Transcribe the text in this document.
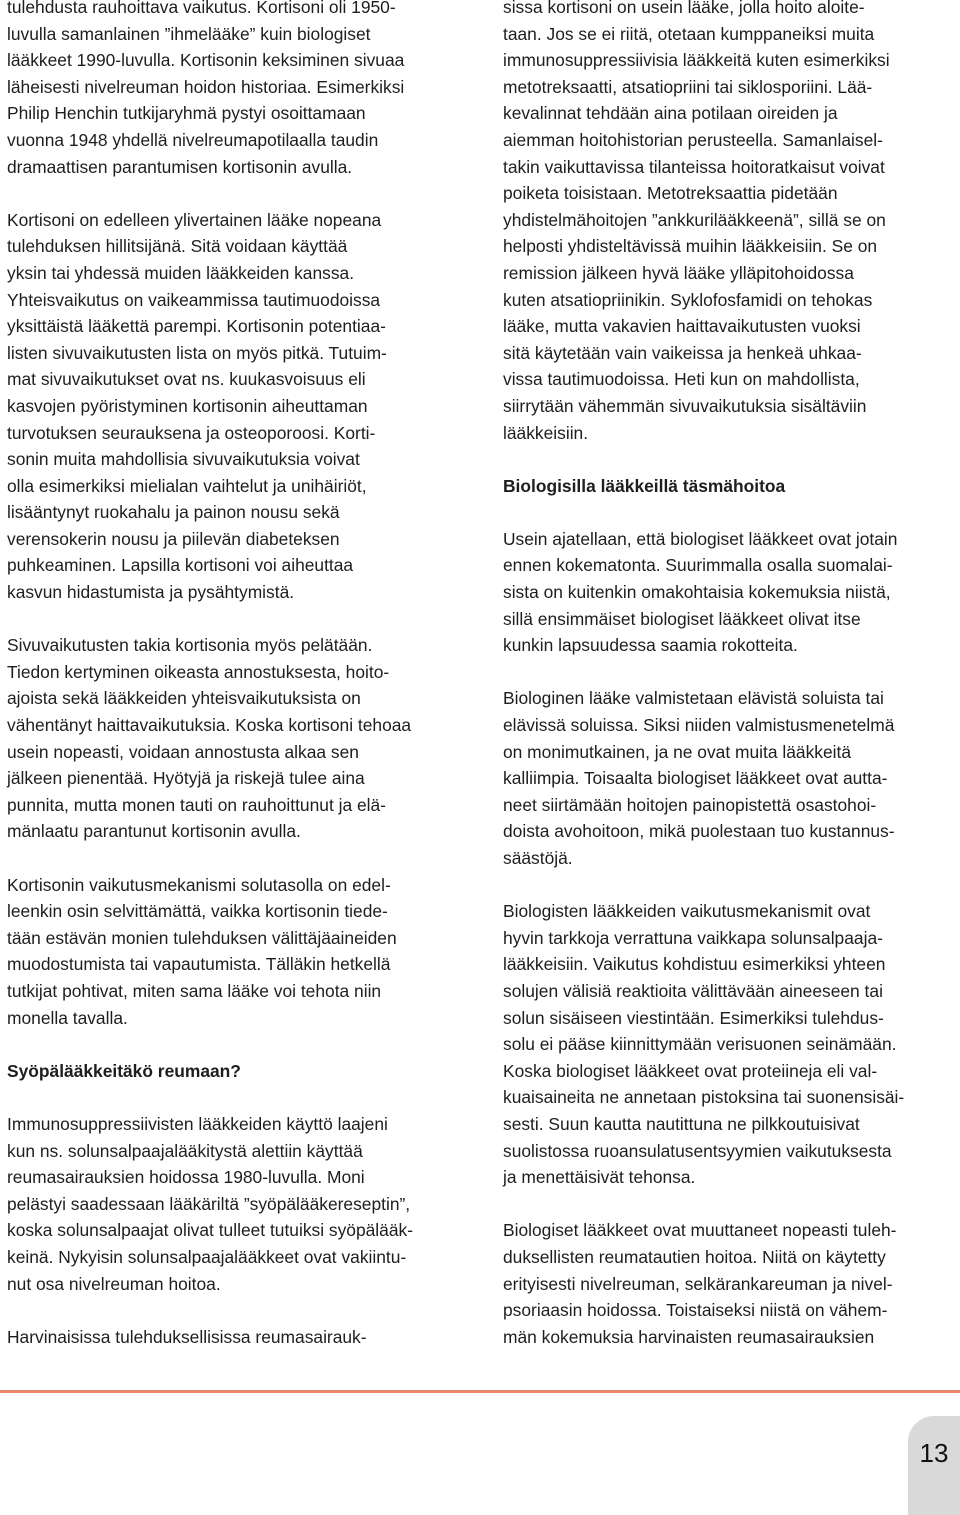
tulehdusta rauhoittava vaikutus. Kortisoni oli 1950-
luvulla samanlainen ”ihmelääke” kuin biologiset
lääkkeet 1990-luvulla. Kortisonin keksiminen sivuaa
läheisesti nivelreuman hoidon historiaa. Esimerkiksi
Philip Henchin tutkijaryhmä pystyi osoittamaan
vuonna 1948 yhdellä nivelreumapotilaalla taudin
dramaattisen parantumisen kortisonin avulla.
Kortisoni on edelleen ylivertainen lääke nopeana
tulehduksen hillitsijänä. Sitä voidaan käyttää
yksin tai yhdessä muiden lääkkeiden kanssa.
Yhteisvaikutus on vaikeammissa tautimuodoissa
yksittäistä lääkettä parempi. Kortisonin potentiaa-
listen sivuvaikutusten lista on myös pitkä. Tutuim-
mat sivuvaikutukset ovat ns. kuukasvoisuus eli
kasvojen pyöristyminen kortisonin aiheuttaman
turvotuksen seurauksena ja osteoporoosi. Korti-
sonin muita mahdollisia sivuvaikutuksia voivat
olla esimerkiksi mielialan vaihtelut ja unihäiriöt,
lisääntynyt ruokahalu ja painon nousu sekä
verensokerin nousu ja piilevän diabeteksen
puhkeaminen. Lapsilla kortisoni voi aiheuttaa
kasvun hidastumista ja pysähtymistä.
Sivuvaikutusten takia kortisonia myös pelätään.
Tiedon kertyminen oikeasta annostuksesta, hoito-
ajoista sekä lääkkeiden yhteisvaikutuksista on
vähentänyt haittavaikutuksia. Koska kortisoni tehoaa
usein nopeasti, voidaan annostusta alkaa sen
jälkeen pienentää. Hyötyjä ja riskejä tulee aina
punnita, mutta monen tauti on rauhoittunut ja elä-
mänlaatu parantunut kortisonin avulla.
Kortisonin vaikutusmekanismi solutasolla on edel-
leenkin osin selvittämättä, vaikka kortisonin tiede-
tään estävän monien tulehduksen välittäjäaineiden
muodostumista tai vapautumista. Tälläkin hetkellä
tutkijat pohtivat, miten sama lääke voi tehota niin
monella tavalla.
Syöpälääkkeitäkö reumaan?
Immunosuppressiivisten lääkkeiden käyttö laajeni
kun ns. solunsalpaajalääkitystä alettiin käyttää
reumasairauksien hoidossa 1980-luvulla. Moni
pelästyi saadessaan lääkäriltä ”syöpälääkereseptin”,
koska solunsalpaajat olivat tulleet tutuiksi syöpälääk-
keinä. Nykyisin solunsalpaajalääkkeet ovat vakiintu-
nut osa nivelreuman hoitoa.
Harvinaisissa tulehduksellisissa reumasairauk-
sissa kortisoni on usein lääke, jolla hoito aloite-
taan. Jos se ei riitä, otetaan kumppaneiksi muita
immunosuppressiivisia lääkkeitä kuten esimerkiksi
metotreksaatti, atsatiopriini tai siklosporiini. Lää-
kevalinnat tehdään aina potilaan oireiden ja
aiemman hoitohistorian perusteella. Samanlaisel-
takin vaikuttavissa tilanteissa hoitoratkaisut voivat
poiketa toisistaan. Metotreksaattia pidetään
yhdistelmähoitojen ”ankkurilääkkeenä”, sillä se on
helposti yhdisteltävissä muihin lääkkeisiin. Se on
remission jälkeen hyvä lääke ylläpitohoidossa
kuten atsatiopriinikin. Syklofosfamidi on tehokas
lääke, mutta vakavien haittavaikutusten vuoksi
sitä käytetään vain vaikeissa ja henkeä uhkaa-
vissa tautimuodoissa. Heti kun on mahdollista,
siirrytään vähemmän sivuvaikutuksia sisältäviin
lääkkeisiin.
Biologisilla lääkkeillä täsmähoitoa
Usein ajatellaan, että biologiset lääkkeet ovat jotain
ennen kokematonta. Suurimmalla osalla suomalai-
sista on kuitenkin omakohtaisia kokemuksia niistä,
sillä ensimmäiset biologiset lääkkeet olivat itse
kunkin lapsuudessa saamia rokotteita.
Biologinen lääke valmistetaan elävistä soluista tai
elävissä soluissa. Siksi niiden valmistusmenetelmä
on monimutkainen, ja ne ovat muita lääkkeitä
kalliimpia. Toisaalta biologiset lääkkeet ovat autta-
neet siirtämään hoitojen painopistettä osastohoi-
doista avohoitoon, mikä puolestaan tuo kustannus-
säästöjä.
Biologisten lääkkeiden vaikutusmekanismit ovat
hyvin tarkkoja verrattuna vaikkapa solunsalpaaja-
lääkkeisiin. Vaikutus kohdistuu esimerkiksi yhteen
solujen välisiä reaktioita välittävään aineeseen tai
solun sisäiseen viestintään. Esimerkiksi tulehdus-
solu ei pääse kiinnittymään verisuonen seinämään.
Koska biologiset lääkkeet ovat proteiineja eli val-
kuaisaineita ne annetaan pistoksina tai suonensisäi-
sesti. Suun kautta nautittuna ne pilkkoutuisivat
suolistossa ruoansulatusentsyymien vaikutuksesta
ja menettäisivät tehonsa.
Biologiset lääkkeet ovat muuttaneet nopeasti tuleh-
duksellisten reumatautien hoitoa. Niitä on käytetty
erityisesti nivelreuman, selkärankareuman ja nivel-
psoriaasin hoidossa. Toistaiseksi niistä on vähem-
män kokemuksia harvinaisten reumasairauksien
13
